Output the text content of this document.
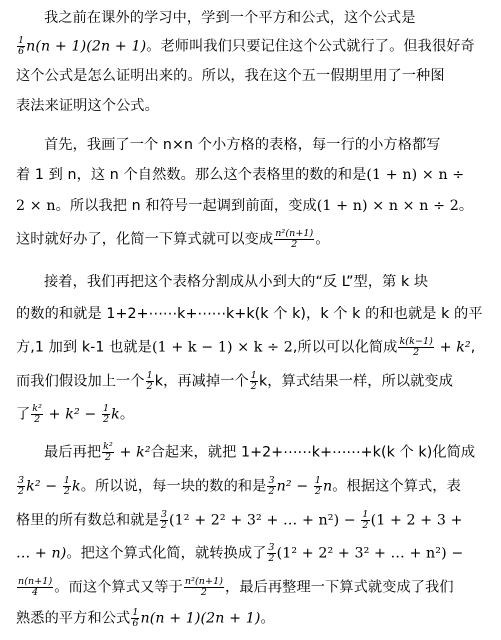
我之前在课外的学习中，学到一个平方和公式，这个公式是
$\frac{1}{6} n(n + 1)(2n + 1)$。老师叫我们只要记住这个公式就行了。但我很好奇
这个公式是怎么证明出来的。所以，我在这个五一假期里用了一种图
表法来证明这个公式。
首先，我画了一个 n×n 个小方格的表格，每一行的小方格都写
着 1 到 n，这 n 个自然数。那么这个表格里的数的和是(1 + n) × n ÷
2 × n。所以我把 n 和符号一起调到前面，变成(1 + n) × n × n ÷ 2。
这时就好办了，化简一下算式就可以变成 $\frac{\text{n²(n+1)}}{2}$ 。
接着，我们再把这个表格分割成从小到大的“反 L”型，第 k 块
的数的和就是 1+2+⋯⋯k+⋯⋯k+k(k 个 k)，k 个 k 的和也就是 k 的平
方,1 加到 k-1 也就是(1 + k − 1) × k ÷ 2,所以可以化简成 $\frac{k(k-1)}{2} + k^2$,
而我们假设加上一个 $\frac{1}{2}$ k，再减掉一个 $\frac{1}{2}$ k，算式结果一样，所以就变成
了 $\frac{\text{k²}}{2} + k^2 - \frac{1}{2}$ k。
最后再把 $\frac{\text{k²}}{2} + k^2$合起来，就把 1+2+⋯⋯k+⋯⋯+k(k 个 k)化简成
$\frac{3}{2} k^2 - \frac{1}{2}$ k。所以说，每一块的数的和是 $\frac{3}{2} n^2 - \frac{1}{2}$ n。根据这个算式，表
格里的所有数总和就是 $\frac{3}{2} (1^2 + 2^2 + 3^2$ + … + $n^2) - \frac{1}{2} (1 + 2 + 3$ +
… + n)。把这个算式化简，就转换成了 $\frac{3}{2} (1^2 + 2^2 + 3^2$ + … + n²) −
$\frac{n(n+1)}{4}$ 。而这个算式又等于 $\frac{\text{n²(n+1)}}{2}$ ，最后再整理一下算式就变成了我们
熟悉的平方和公式 $\frac{1}{6} n(n + 1)(2n + 1)$。
